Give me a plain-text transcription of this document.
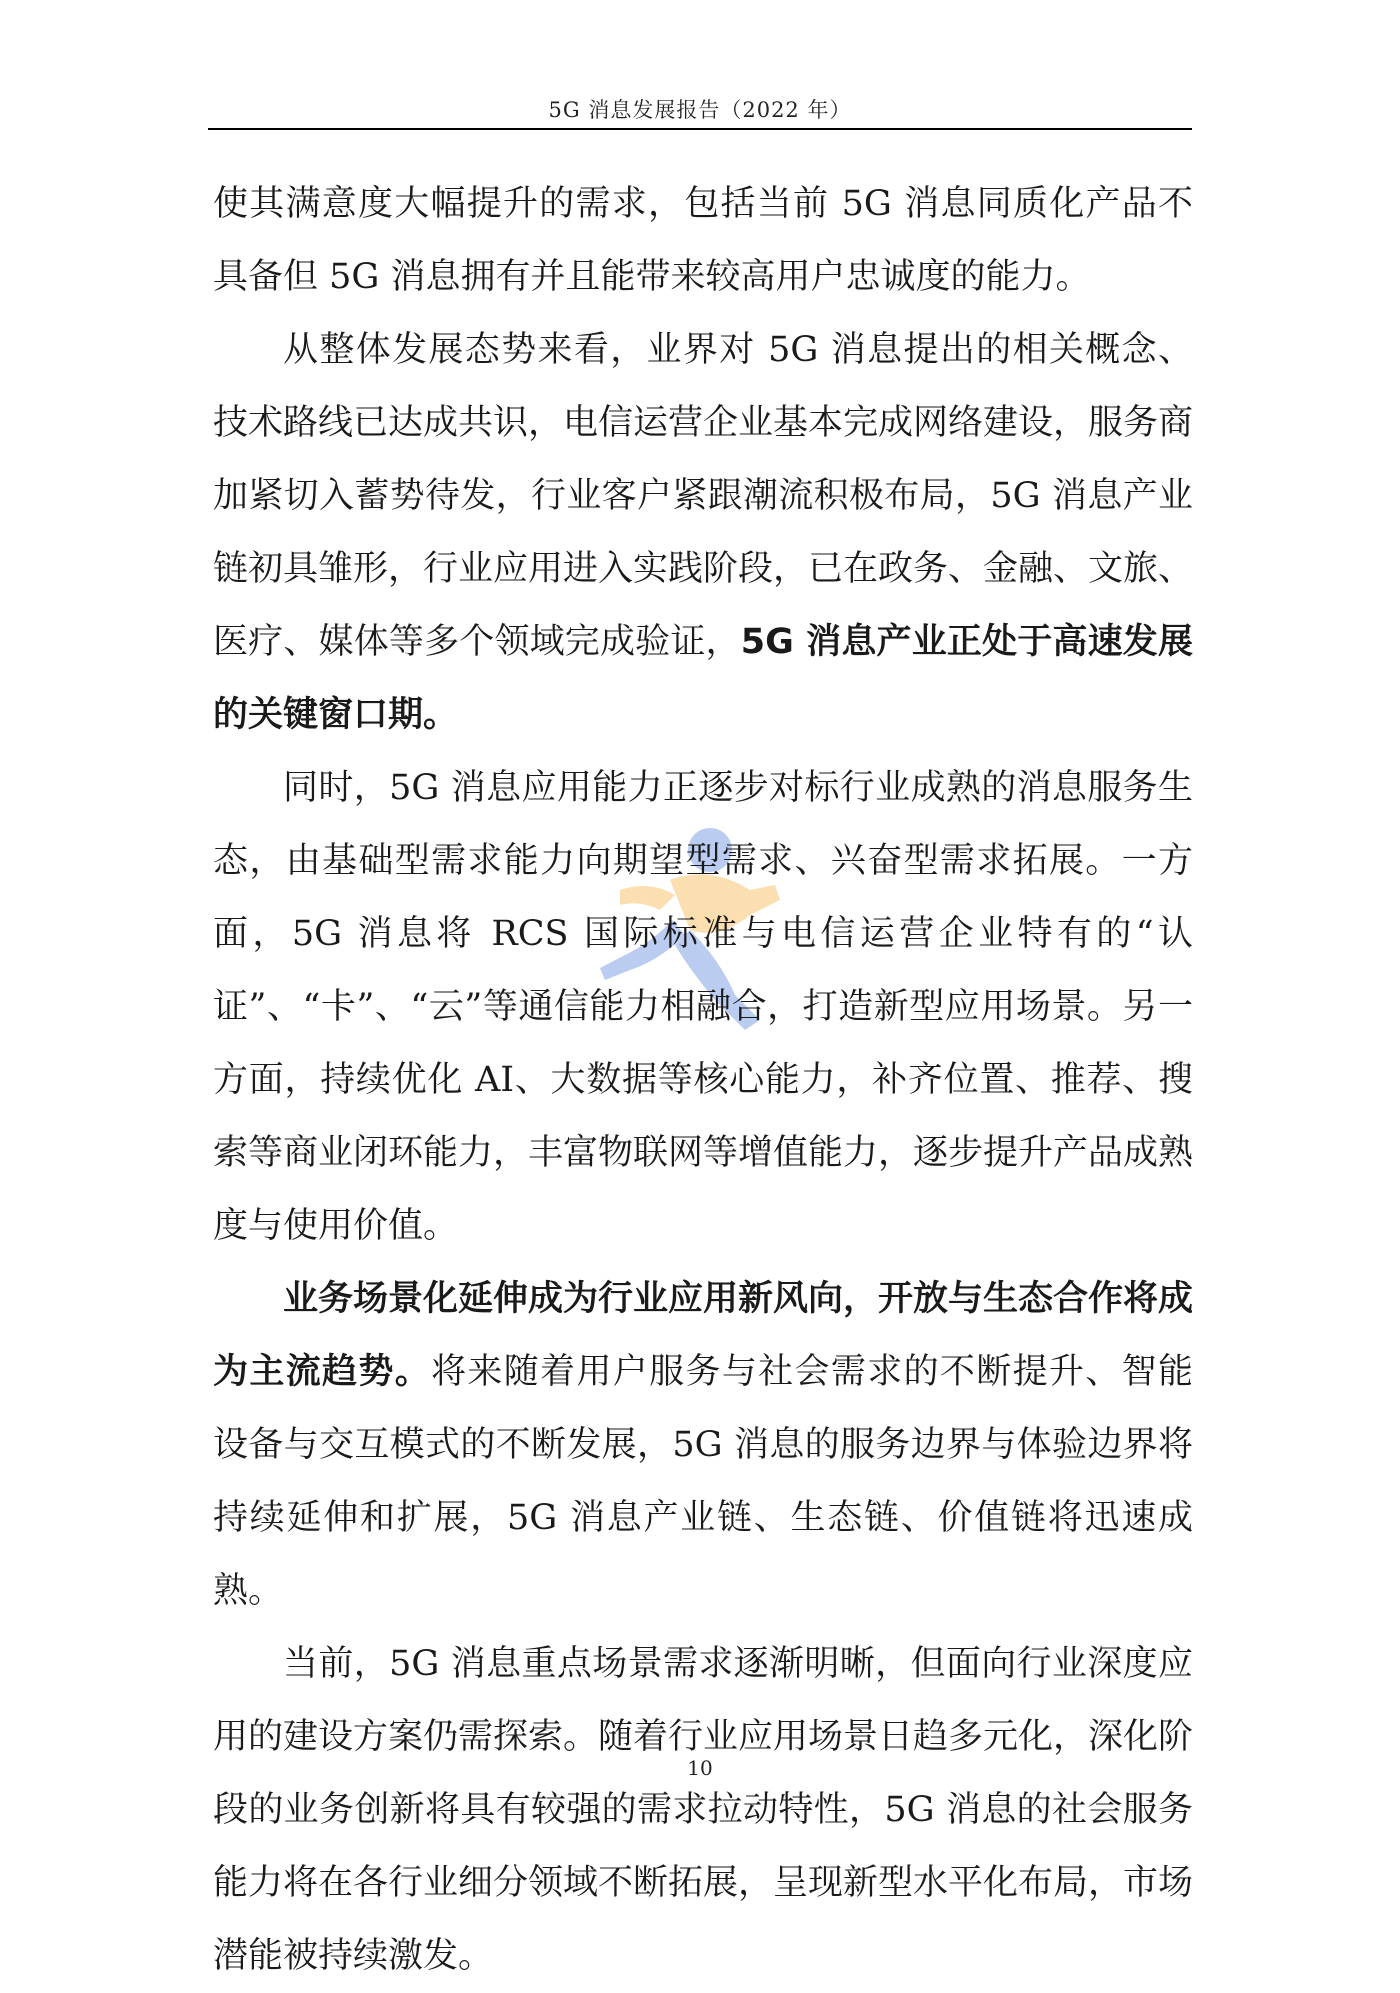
5G 消息发展报告（2022 年）

使其满意度大幅提升的需求，包括当前 5G 消息同质化产品不具备但 5G 消息拥有并且能带来较高用户忠诚度的能力。

从整体发展态势来看，业界对 5G 消息提出的相关概念、技术路线已达成共识，电信运营企业基本完成网络建设，服务商加紧切入蓄势待发，行业客户紧跟潮流积极布局，5G 消息产业链初具雏形，行业应用进入实践阶段，已在政务、金融、文旅、医疗、媒体等多个领域完成验证，5G 消息产业正处于高速发展的关键窗口期。

同时，5G 消息应用能力正逐步对标行业成熟的消息服务生态，由基础型需求能力向期望型需求、兴奋型需求拓展。一方面，5G 消息将 RCS 国际标准与电信运营企业特有的“认证”、“卡”、“云”等通信能力相融合，打造新型应用场景。另一方面，持续优化 AI、大数据等核心能力，补齐位置、推荐、搜索等商业闭环能力，丰富物联网等增值能力，逐步提升产品成熟度与使用价值。

业务场景化延伸成为行业应用新风向，开放与生态合作将成为主流趋势。将来随着用户服务与社会需求的不断提升、智能设备与交互模式的不断发展，5G 消息的服务边界与体验边界将持续延伸和扩展，5G 消息产业链、生态链、价值链将迅速成熟。

当前，5G 消息重点场景需求逐渐明晰，但面向行业深度应用的建设方案仍需探索。随着行业应用场景日趋多元化，深化阶段的业务创新将具有较强的需求拉动特性，5G 消息的社会服务能力将在各行业细分领域不断拓展，呈现新型水平化布局，市场潜能被持续激发。

10
